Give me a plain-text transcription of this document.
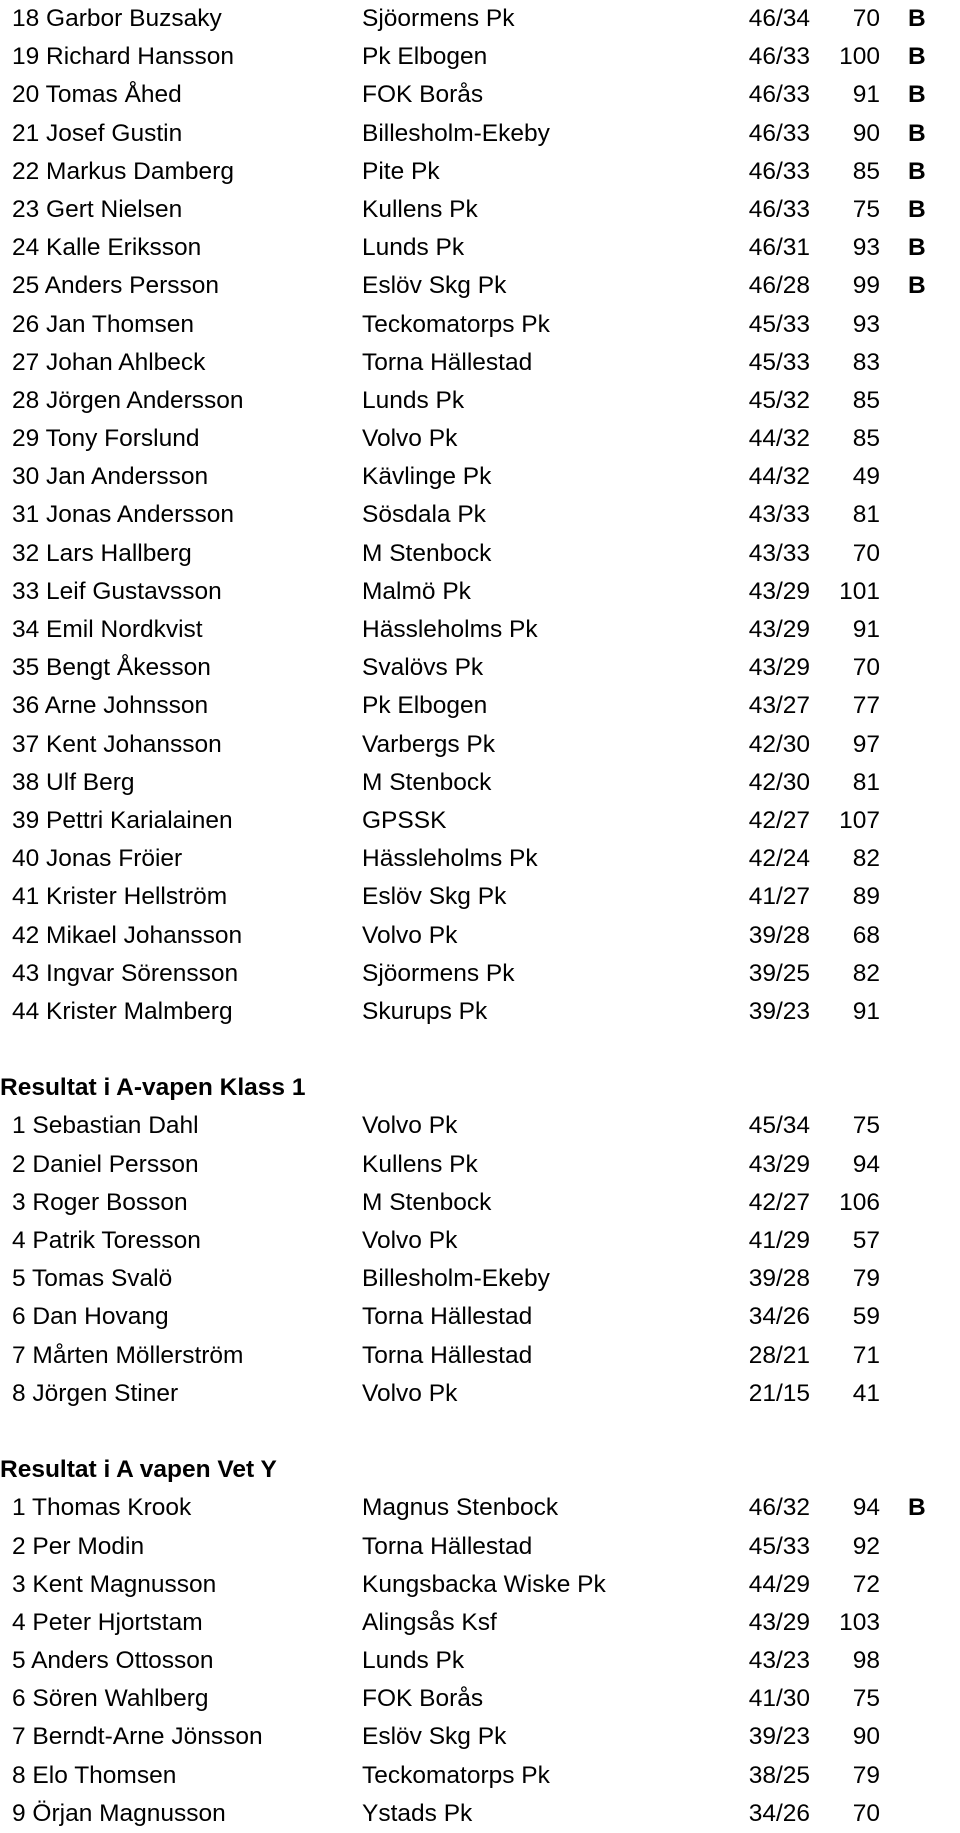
18 Garbor Buzsaky	Sjöormens Pk	46/34	70 B
19 Richard Hansson	Pk Elbogen	46/33	100 B
20 Tomas Åhed	FOK Borås	46/33	91 B
21 Josef Gustin	Billesholm-Ekeby	46/33	90 B
22 Markus Damberg	Pite Pk	46/33	85 B
23 Gert Nielsen	Kullens Pk	46/33	75 B
24 Kalle Eriksson	Lunds Pk	46/31	93 B
25 Anders Persson	Eslöv Skg Pk	46/28	99 B
26 Jan Thomsen	Teckomatorps Pk	45/33	93
27 Johan Ahlbeck	Torna Hällestad	45/33	83
28 Jörgen Andersson	Lunds Pk	45/32	85
29 Tony Forslund	Volvo Pk	44/32	85
30 Jan Andersson	Kävlinge Pk	44/32	49
31 Jonas Andersson	Sösdala Pk	43/33	81
32 Lars Hallberg	M Stenbock	43/33	70
33 Leif Gustavsson	Malmö Pk	43/29	101
34 Emil Nordkvist	Hässleholms Pk	43/29	91
35 Bengt Åkesson	Svalövs Pk	43/29	70
36 Arne Johnsson	Pk Elbogen	43/27	77
37 Kent Johansson	Varbergs Pk	42/30	97
38 Ulf Berg	M Stenbock	42/30	81
39 Pettri Karialainen	GPSSK	42/27	107
40 Jonas Fröier	Hässleholms Pk	42/24	82
41 Krister Hellström	Eslöv Skg Pk	41/27	89
42 Mikael Johansson	Volvo Pk	39/28	68
43 Ingvar Sörensson	Sjöormens Pk	39/25	82
44 Krister Malmberg	Skurups Pk	39/23	91
Resultat i A-vapen Klass 1
1 Sebastian Dahl	Volvo Pk	45/34	75
2 Daniel Persson	Kullens Pk	43/29	94
3 Roger Bosson	M Stenbock	42/27	106
4 Patrik Toresson	Volvo Pk	41/29	57
5 Tomas Svalö	Billesholm-Ekeby	39/28	79
6 Dan Hovang	Torna Hällestad	34/26	59
7 Mårten Möllerström	Torna Hällestad	28/21	71
8 Jörgen Stiner	Volvo Pk	21/15	41
Resultat i A vapen Vet Y
1 Thomas Krook	Magnus Stenbock	46/32	94 B
2 Per Modin	Torna Hällestad	45/33	92
3 Kent Magnusson	Kungsbacka Wiske Pk	44/29	72
4 Peter Hjortstam	Alingsås Ksf	43/29	103
5 Anders Ottosson	Lunds Pk	43/23	98
6 Sören Wahlberg	FOK Borås	41/30	75
7 Berndt-Arne Jönsson	Eslöv Skg Pk	39/23	90
8 Elo Thomsen	Teckomatorps Pk	38/25	79
9 Örjan Magnusson	Ystads Pk	34/26	70
